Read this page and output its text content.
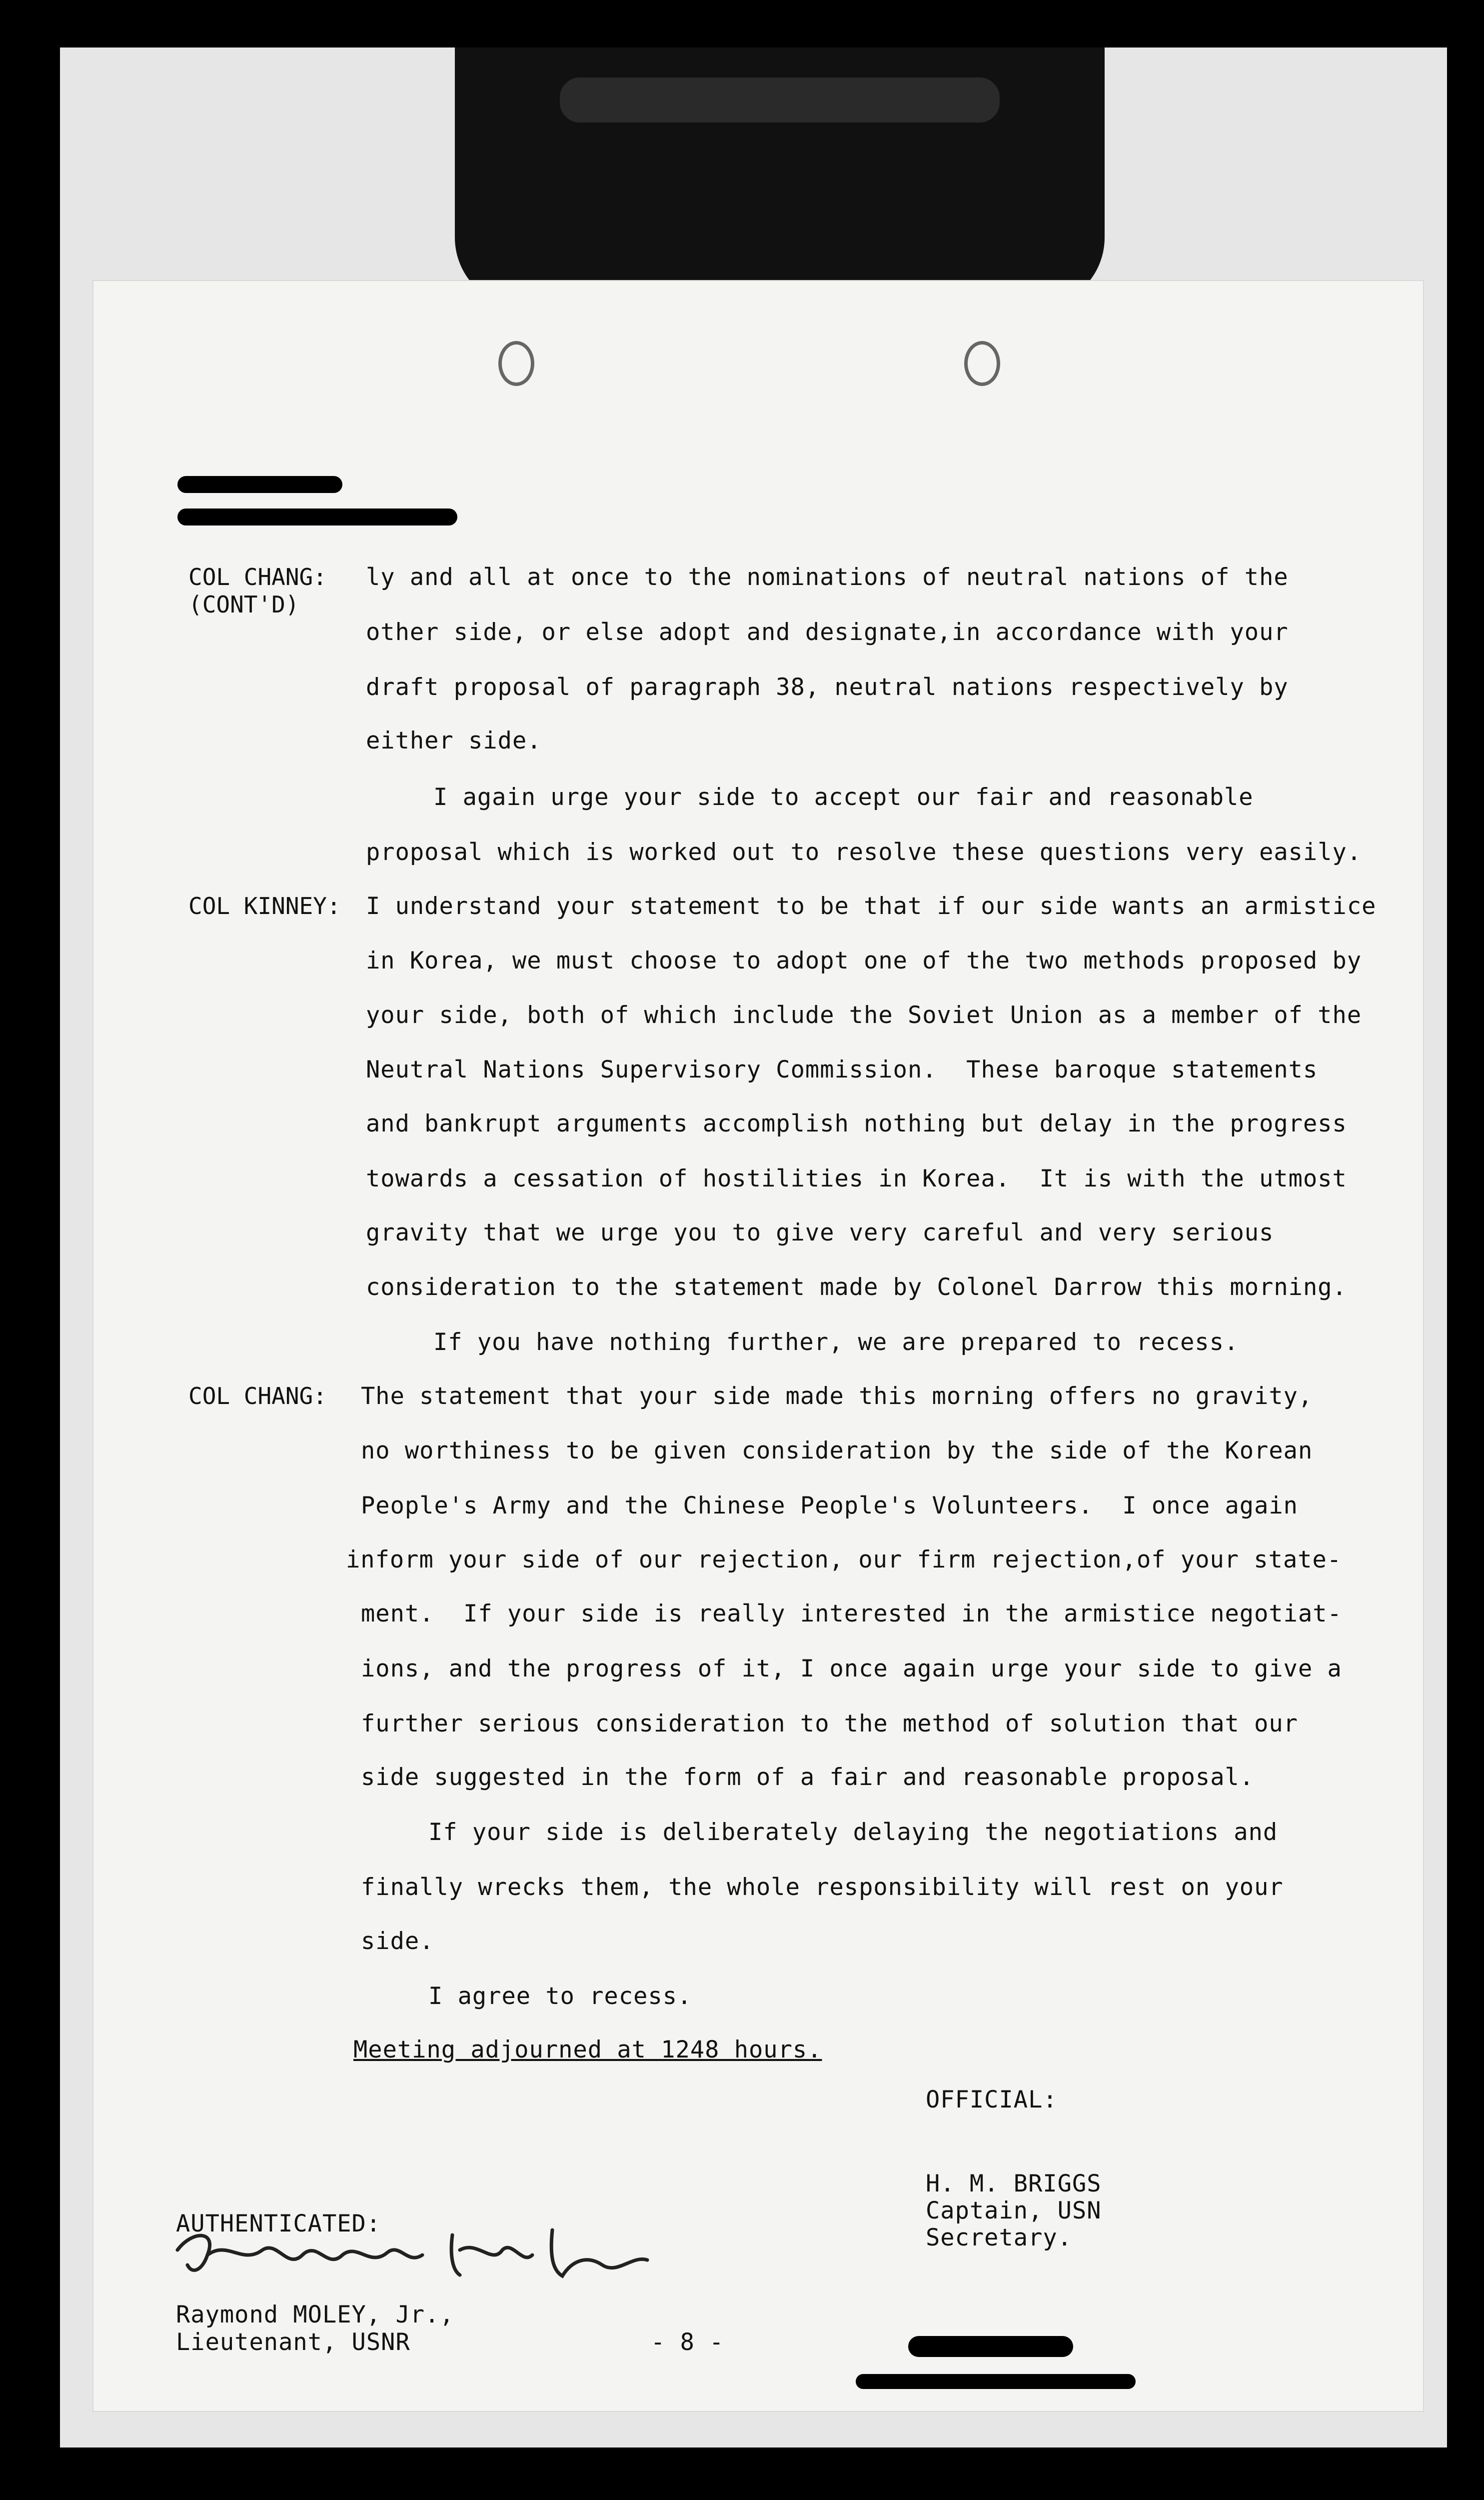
COL CHANG:
(CONT'D)
ly and all at once to the nominations of neutral nations of the
other side, or else adopt and designate,in accordance with your
draft proposal of paragraph 38, neutral nations respectively by
either side.
I again urge your side to accept our fair and reasonable
proposal which is worked out to resolve these questions very easily.
COL KINNEY: I understand your statement to be that if our side wants an armistice
in Korea, we must choose to adopt one of the two methods proposed by
your side, both of which include the Soviet Union as a member of the
Neutral Nations Supervisory Commission.  These baroque statements
and bankrupt arguments accomplish nothing but delay in the progress
towards a cessation of hostilities in Korea.  It is with the utmost
gravity that we urge you to give very careful and very serious
consideration to the statement made by Colonel Darrow this morning.
If you have nothing further, we are prepared to recess.
COL CHANG: The statement that your side made this morning offers no gravity,
no worthiness to be given consideration by the side of the Korean
People's Army and the Chinese People's Volunteers.  I once again
inform your side of our rejection, our firm rejection,of your state-
ment.  If your side is really interested in the armistice negotiat-
ions, and the progress of it, I once again urge your side to give a
further serious consideration to the method of solution that our
side suggested in the form of a fair and reasonable proposal.
If your side is deliberately delaying the negotiations and
finally wrecks them, the whole responsibility will rest on your
side.
I agree to recess.
Meeting adjourned at 1248 hours.
OFFICIAL:
H. M. BRIGGS
Captain, USN
Secretary.
AUTHENTICATED:
Raymond MOLEY, Jr.,
Lieutenant, USNR	- 8 -
